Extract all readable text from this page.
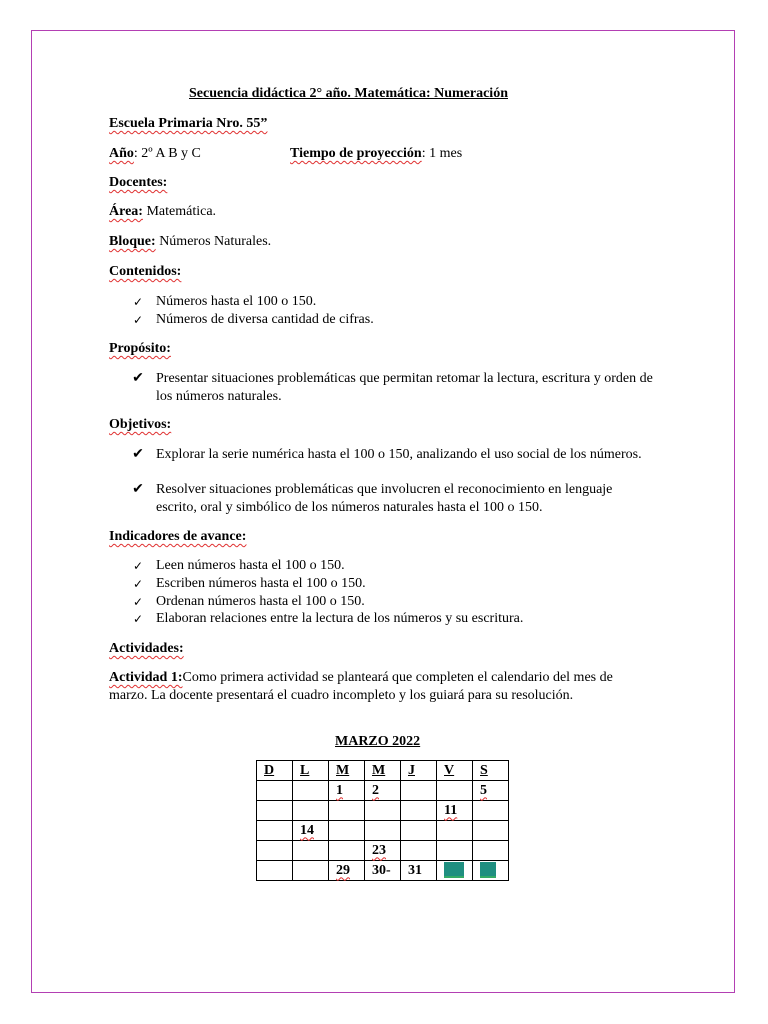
Secuencia didáctica 2° año. Matemática: Numeración
Escuela Primaria Nro. 55”
Año: 2º A B y C	Tiempo de proyección: 1 mes
Docentes:
Área: Matemática.
Bloque: Números Naturales.
Contenidos:
✓ Números hasta el 100 o 150.
✓ Números de diversa cantidad de cifras.
Propósito:
✔ Presentar situaciones problemáticas que permitan retomar la lectura, escritura y orden de los números naturales.
Objetivos:
✔ Explorar la serie numérica hasta el 100 o 150, analizando el uso social de los números.
✔ Resolver situaciones problemáticas que involucren el reconocimiento en lenguaje escrito, oral y simbólico de los números naturales hasta el 100 o 150.
Indicadores de avance:
✓ Leen números hasta el 100 o 150.
✓ Escriben números hasta el 100 o 150.
✓ Ordenan números hasta el 100 o 150.
✓ Elaboran relaciones entre la lectura de los números y su escritura.
Actividades:
Actividad 1:Como primera actividad se planteará que completen el calendario del mes de marzo. La docente presentará el cuadro incompleto y los guiará para su resolución.
MARZO 2022
D	L	M	M	J	V	S
		1	2			5
					11	
	14					
			23			
		29	30-	31		
